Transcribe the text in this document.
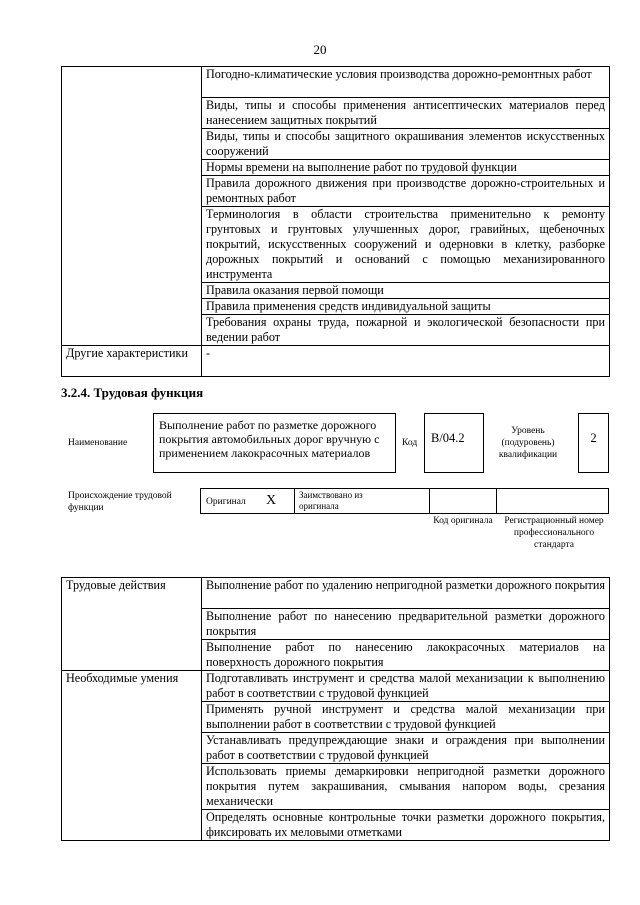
20
	Погодно-климатические условия производства дорожно-ремонтных работ
	Виды, типы и способы применения антисептических материалов перед нанесением защитных покрытий
	Виды, типы и способы защитного окрашивания элементов искусственных сооружений
	Нормы времени на выполнение работ по трудовой функции
	Правила дорожного движения при производстве дорожно-строительных и ремонтных работ
	Терминология в области строительства применительно к ремонту грунтовых и грунтовых улучшенных дорог, гравийных, щебеночных покрытий, искусственных сооружений и одерновки в клетку, разборке дорожных покрытий и оснований с помощью механизированного инструмента
	Правила оказания первой помощи
	Правила применения средств индивидуальной защиты
	Требования охраны труда, пожарной и экологической безопасности при ведении работ
Другие характеристики	-
3.2.4. Трудовая функция
Наименование
Выполнение работ по разметке дорожного покрытия автомобильных дорог вручную с применением лакокрасочных материалов
Код	B/04.2	Уровень (подуровень) квалификации
2
Происхождение трудовой функции
Оригинал X	Заимствовано из оригинала
Код оригинала	Регистрационный номер профессионального стандарта
Трудовые действия	Выполнение работ по удалению непригодной разметки дорожного покрытия
	Выполнение работ по нанесению предварительной разметки дорожного покрытия
	Выполнение работ по нанесению лакокрасочных материалов на поверхность дорожного покрытия
Необходимые умения	Подготавливать инструмент и средства малой механизации к выполнению работ в соответствии с трудовой функцией
	Применять ручной инструмент и средства малой механизации при выполнении работ в соответствии с трудовой функцией
	Устанавливать предупреждающие знаки и ограждения при выполнении работ в соответствии с трудовой функцией
	Использовать приемы демаркировки непригодной разметки дорожного покрытия путем закрашивания, смывания напором воды, срезания механически
	Определять основные контрольные точки разметки дорожного покрытия, фиксировать их меловыми отметками
